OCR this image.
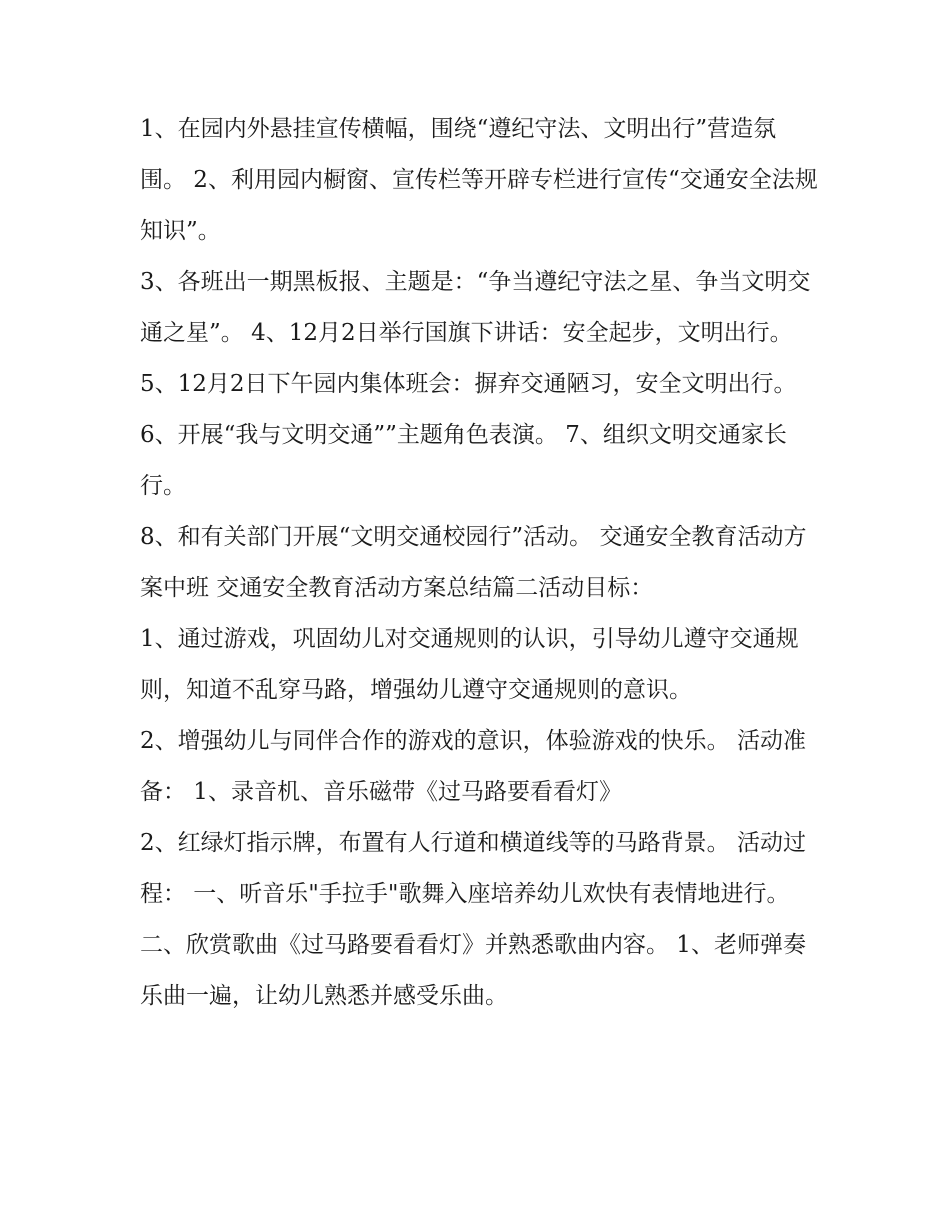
1、在园内外悬挂宣传横幅，围绕“遵纪守法、文明出行”营造氛围。 2、利用园内橱窗、宣传栏等开辟专栏进行宣传“交通安全法规知识”。

3、各班出一期黑板报、主题是：“争当遵纪守法之星、争当文明交通之星”。 4、12月2日举行国旗下讲话：安全起步，文明出行。

5、12月2日下午园内集体班会：摒弃交通陋习，安全文明出行。 6、开展“我与文明交通””主题角色表演。 7、组织文明交通家长行。

8、和有关部门开展“文明交通校园行”活动。 交通安全教育活动方案中班 交通安全教育活动方案总结篇二活动目标：

1、通过游戏，巩固幼儿对交通规则的认识，引导幼儿遵守交通规则，知道不乱穿马路，增强幼儿遵守交通规则的意识。

2、增强幼儿与同伴合作的游戏的意识，体验游戏的快乐。 活动准备： 1、录音机、音乐磁带《过马路要看看灯》

2、红绿灯指示牌，布置有人行道和横道线等的马路背景。 活动过程： 一、听音乐"手拉手"歌舞入座培养幼儿欢快有表情地进行。

二、欣赏歌曲《过马路要看看灯》并熟悉歌曲内容。 1、老师弹奏乐曲一遍，让幼儿熟悉并感受乐曲。
